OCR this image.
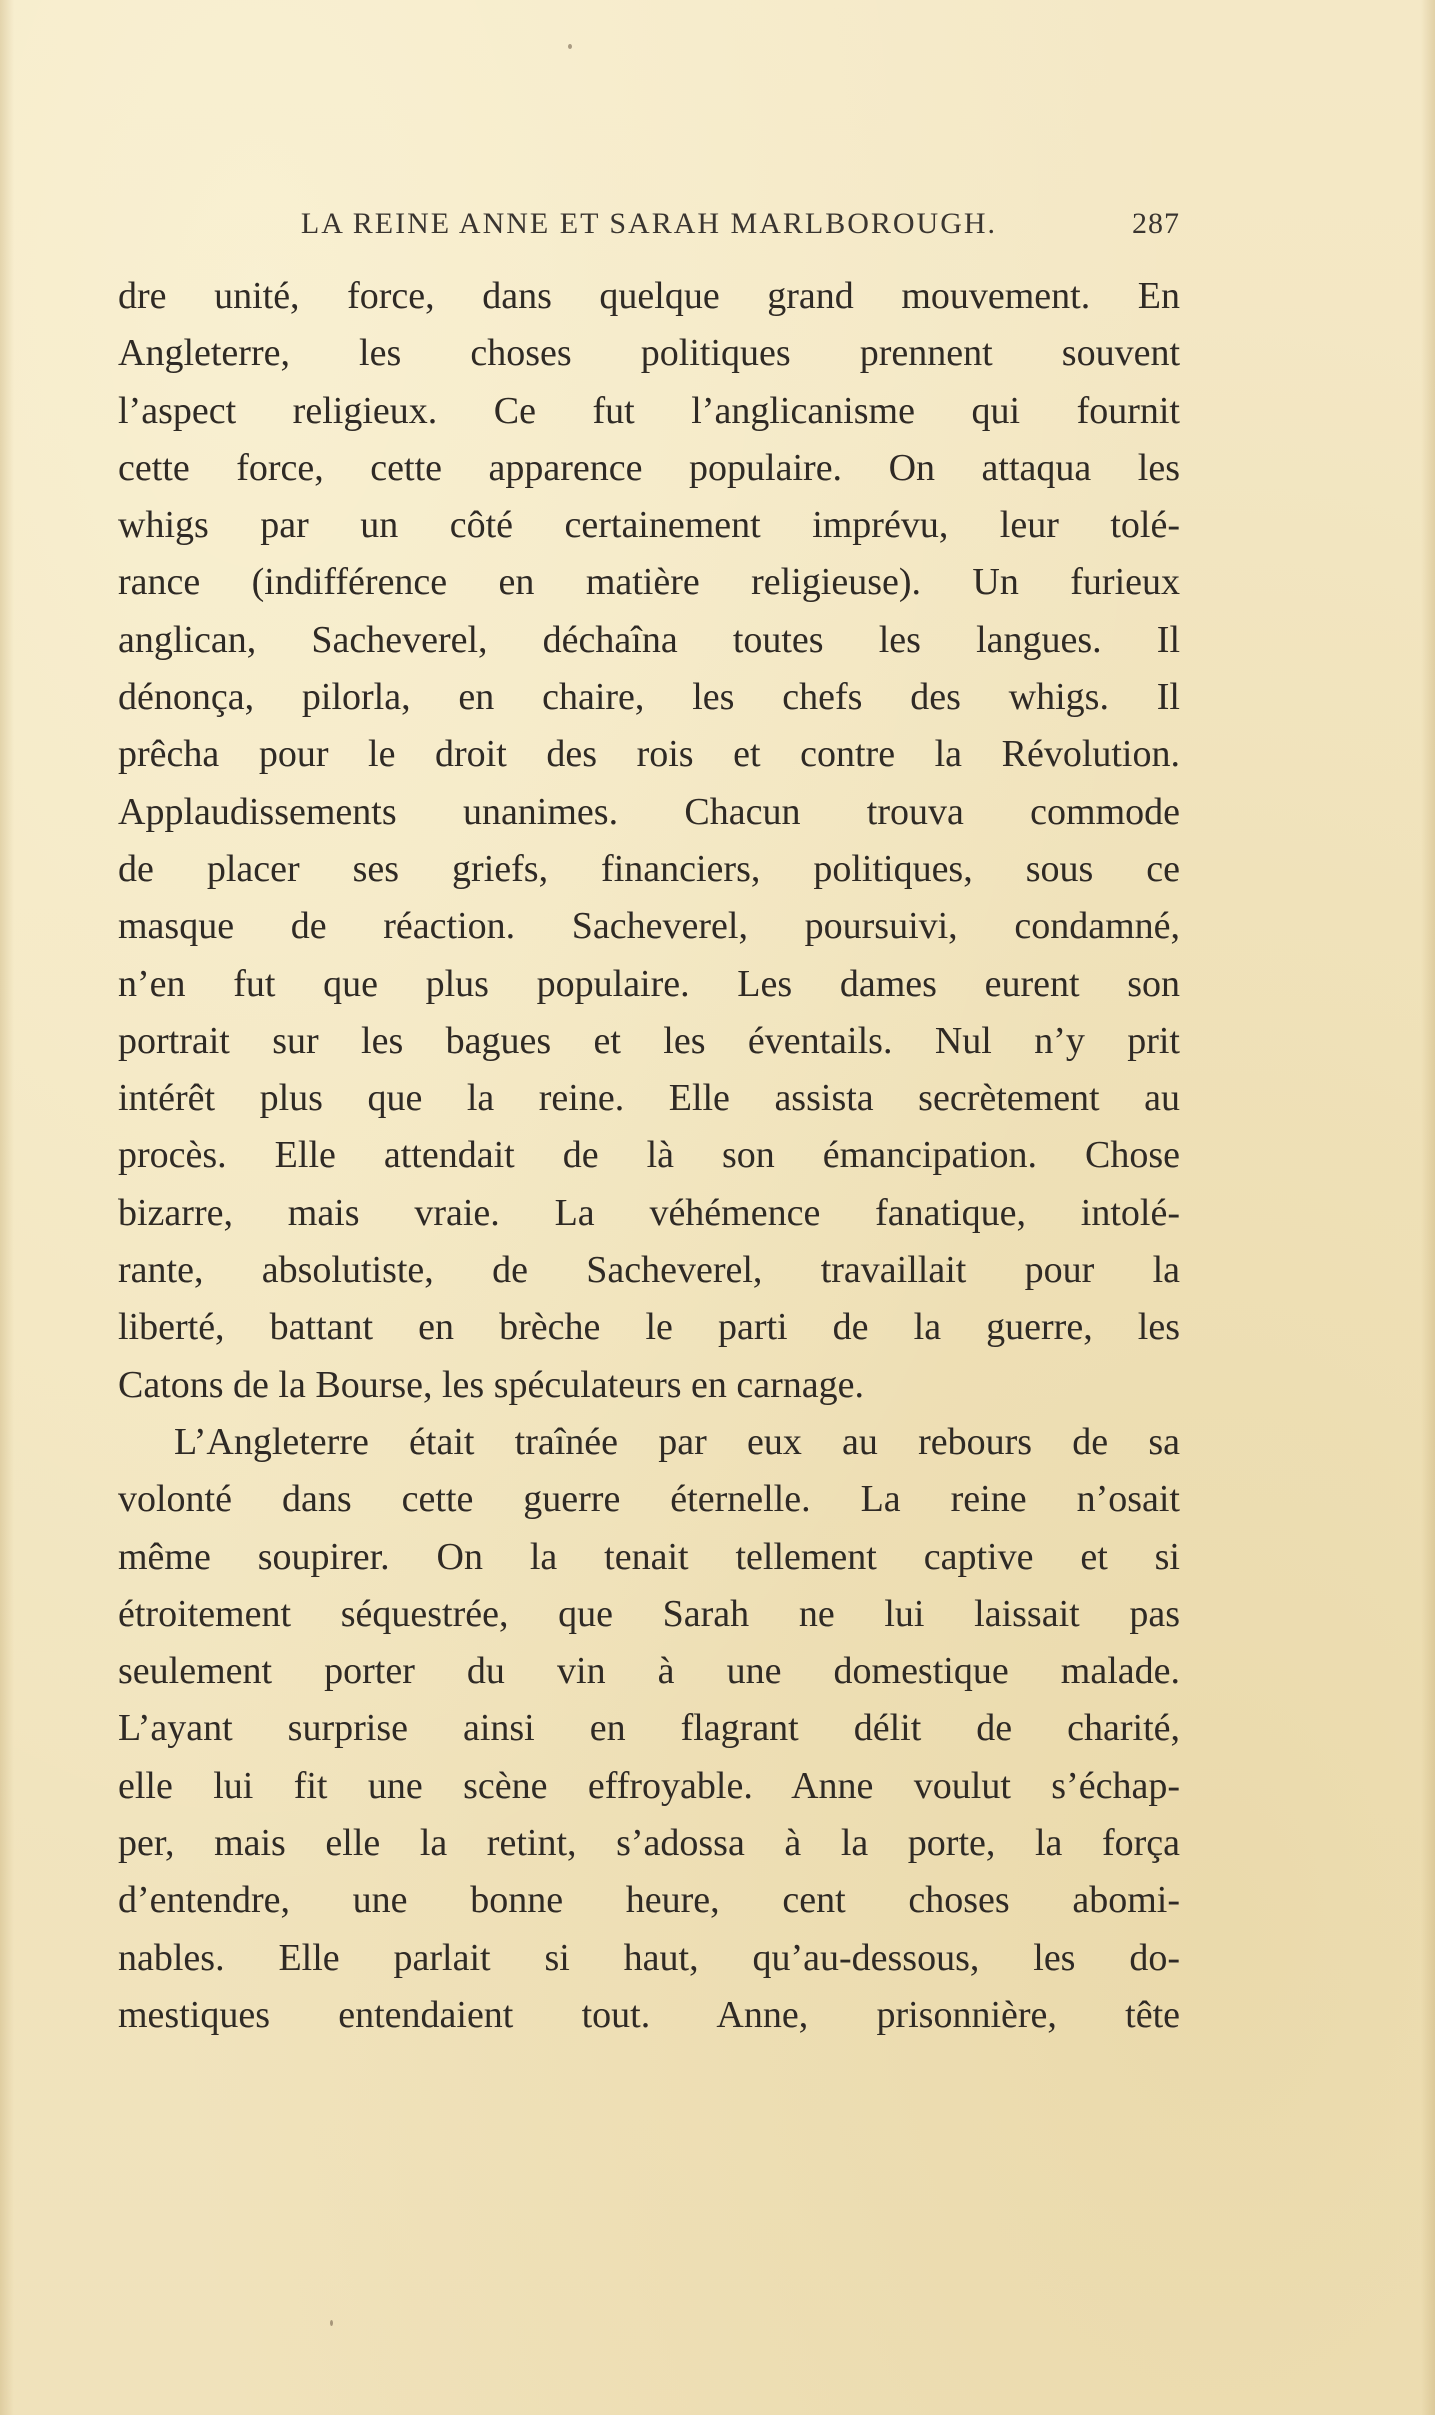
LA REINE ANNE ET SARAH MARLBOROUGH.	287
dre unité, force, dans quelque grand mouvement. En
Angleterre, les choses politiques prennent souvent
l’aspect religieux. Ce fut l’anglicanisme qui fournit
cette force, cette apparence populaire. On attaqua les
whigs par un côté certainement imprévu, leur tolé-
rance (indifférence en matière religieuse). Un furieux
anglican, Sacheverel, déchaîna toutes les langues. Il
dénonça, pilorla, en chaire, les chefs des whigs. Il
prêcha pour le droit des rois et contre la Révolution.
Applaudissements unanimes. Chacun trouva commode
de placer ses griefs, financiers, politiques, sous ce
masque de réaction. Sacheverel, poursuivi, condamné,
n’en fut que plus populaire. Les dames eurent son
portrait sur les bagues et les éventails. Nul n’y prit
intérêt plus que la reine. Elle assista secrètement au
procès. Elle attendait de là son émancipation. Chose
bizarre, mais vraie. La véhémence fanatique, intolé-
rante, absolutiste, de Sacheverel, travaillait pour la
liberté, battant en brèche le parti de la guerre, les
Catons de la Bourse, les spéculateurs en carnage.
L’Angleterre était traînée par eux au rebours de sa
volonté dans cette guerre éternelle. La reine n’osait
même soupirer. On la tenait tellement captive et si
étroitement séquestrée, que Sarah ne lui laissait pas
seulement porter du vin à une domestique malade.
L’ayant surprise ainsi en flagrant délit de charité,
elle lui fit une scène effroyable. Anne voulut s’échap-
per, mais elle la retint, s’adossa à la porte, la força
d’entendre, une bonne heure, cent choses abomi-
nables. Elle parlait si haut, qu’au-dessous, les do-
mestiques entendaient tout. Anne, prisonnière, tête
